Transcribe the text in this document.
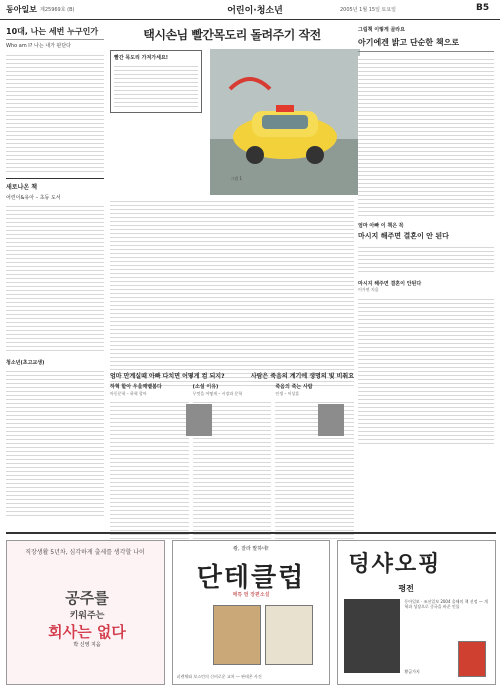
동아일보 제25969호 (B)	어린이·청소년	2005년 1월 15일 토요일	B5
10대, 나는 세번 누구인가
Who am I? 나는 내가 판단다
새로나온 책
어린이&유아 – 초등 도서
청소년(초고교생)
택시손님 빨간목도리 돌려주기 작전
빨간 목도리 가져가세요!
그림 1
그림책 이렇게 골라요
아기에겐 밝고 단순한 책으로
엄마 아빠 이 책은 꼭
마시지 해주면 결혼이 안 된다
마시지 해주면 결혼이 안된다
이가연 지음
엄마 만계실때 아빠 다치면 어떻게 컴 되지?	사람은 죽음의 계기에 생명의 빛 비춰요
하혁 할아 우울깨뱉봄다
아동문학 – 하혁 할아
(소설 이유)
무엇을 어떻게 – 시장과 문학
죽음의 죽는 사람
인생 – 이상훈
직장생활 5년차, 심각하게 출세를 생각할 나이
공주를
키워주는
회사는 없다
박 신영 지음
쾅, 잘라 말하네!
단테클럽
매튜 펄 장편소설
피렌체와 보스턴의 신비로운 교차 — 판테온 사건
덩샤오핑
평전
동아일보 · 조선일보 2004 올해의 책 선정 — 개혁과 성장으로 중국을 바꾼 인물
황금가지
